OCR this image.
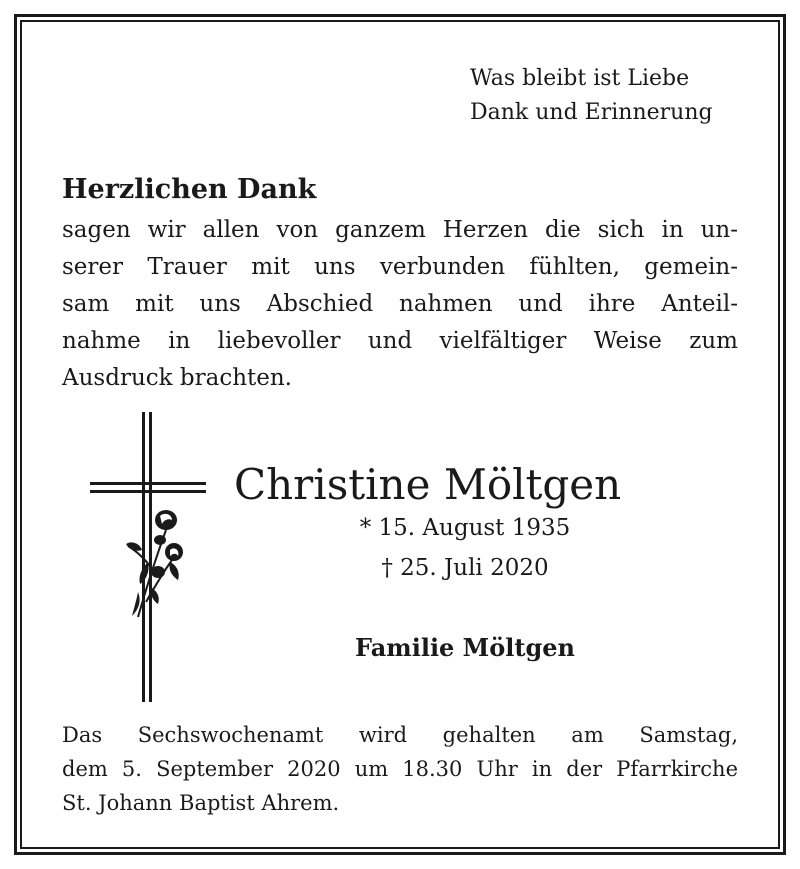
Was bleibt ist Liebe
Dank und Erinnerung
Herzlichen Dank
sagen wir allen von ganzem Herzen die sich in un-
serer Trauer mit uns verbunden fühlten, gemein-
sam mit uns Abschied nahmen und ihre Anteil-
nahme in liebevoller und vielfältiger Weise zum
Ausdruck brachten.
Christine Möltgen
* 15. August 1935
† 25. Juli 2020
Familie Möltgen
Das Sechswochenamt wird gehalten am Samstag,
dem 5. September 2020 um 18.30 Uhr in der Pfarrkirche
St. Johann Baptist Ahrem.
